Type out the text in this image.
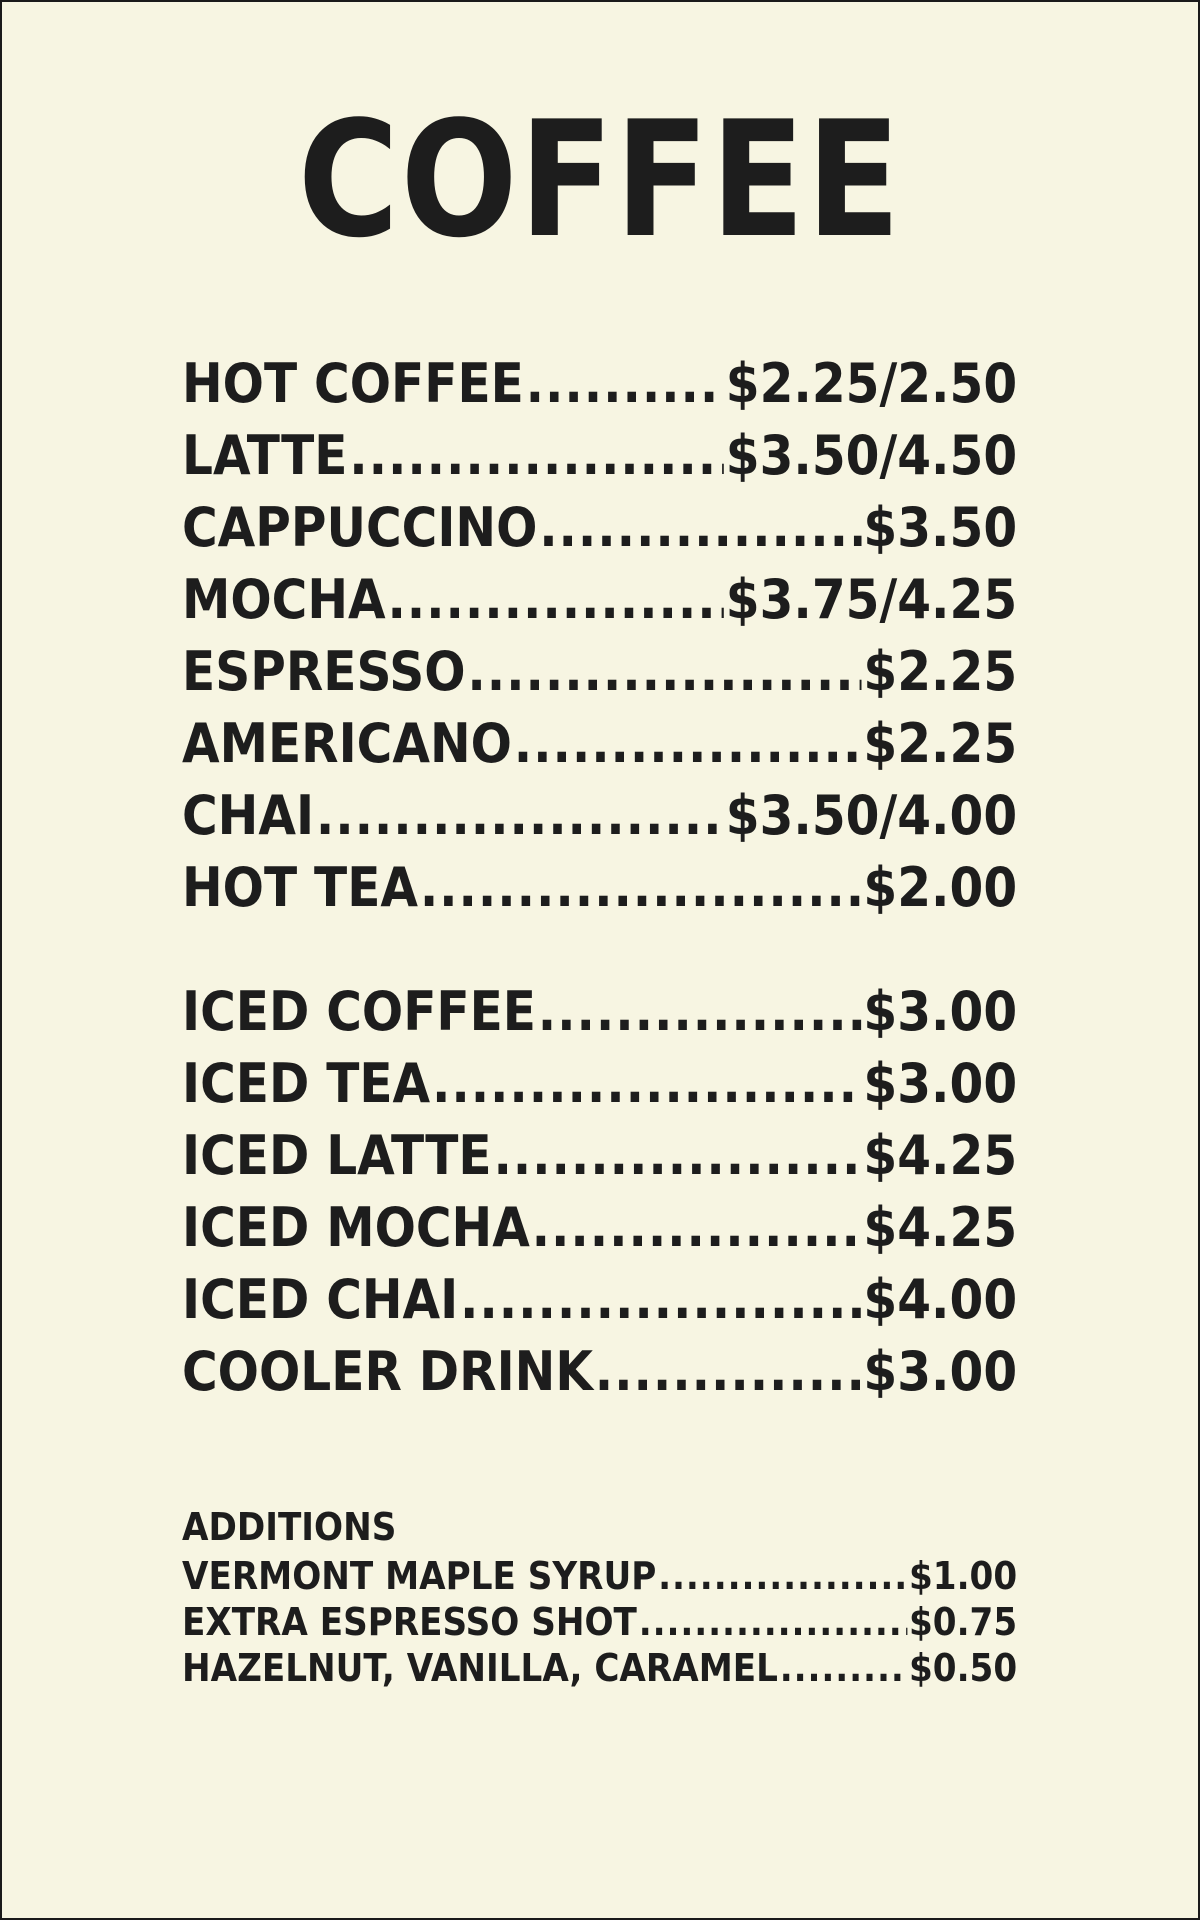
COFFEE
HOT COFFEE .....	$2.25/2.50
LATTE .....	$3.50/4.50
CAPPUCCINO .....	$3.50
MOCHA .....	$3.75/4.25
ESPRESSO .....	$2.25
AMERICANO .....	$2.25
CHAI .....	$3.50/4.00
HOT TEA .....	$2.00
ICED COFFEE .....	$3.00
ICED TEA .....	$3.00
ICED LATTE .....	$4.25
ICED MOCHA .....	$4.25
ICED CHAI .....	$4.00
COOLER DRINK .....	$3.00
ADDITIONS
VERMONT MAPLE SYRUP .....	$1.00
EXTRA ESPRESSO SHOT .....	$0.75
HAZELNUT, VANILLA, CARAMEL .....	$0.50
